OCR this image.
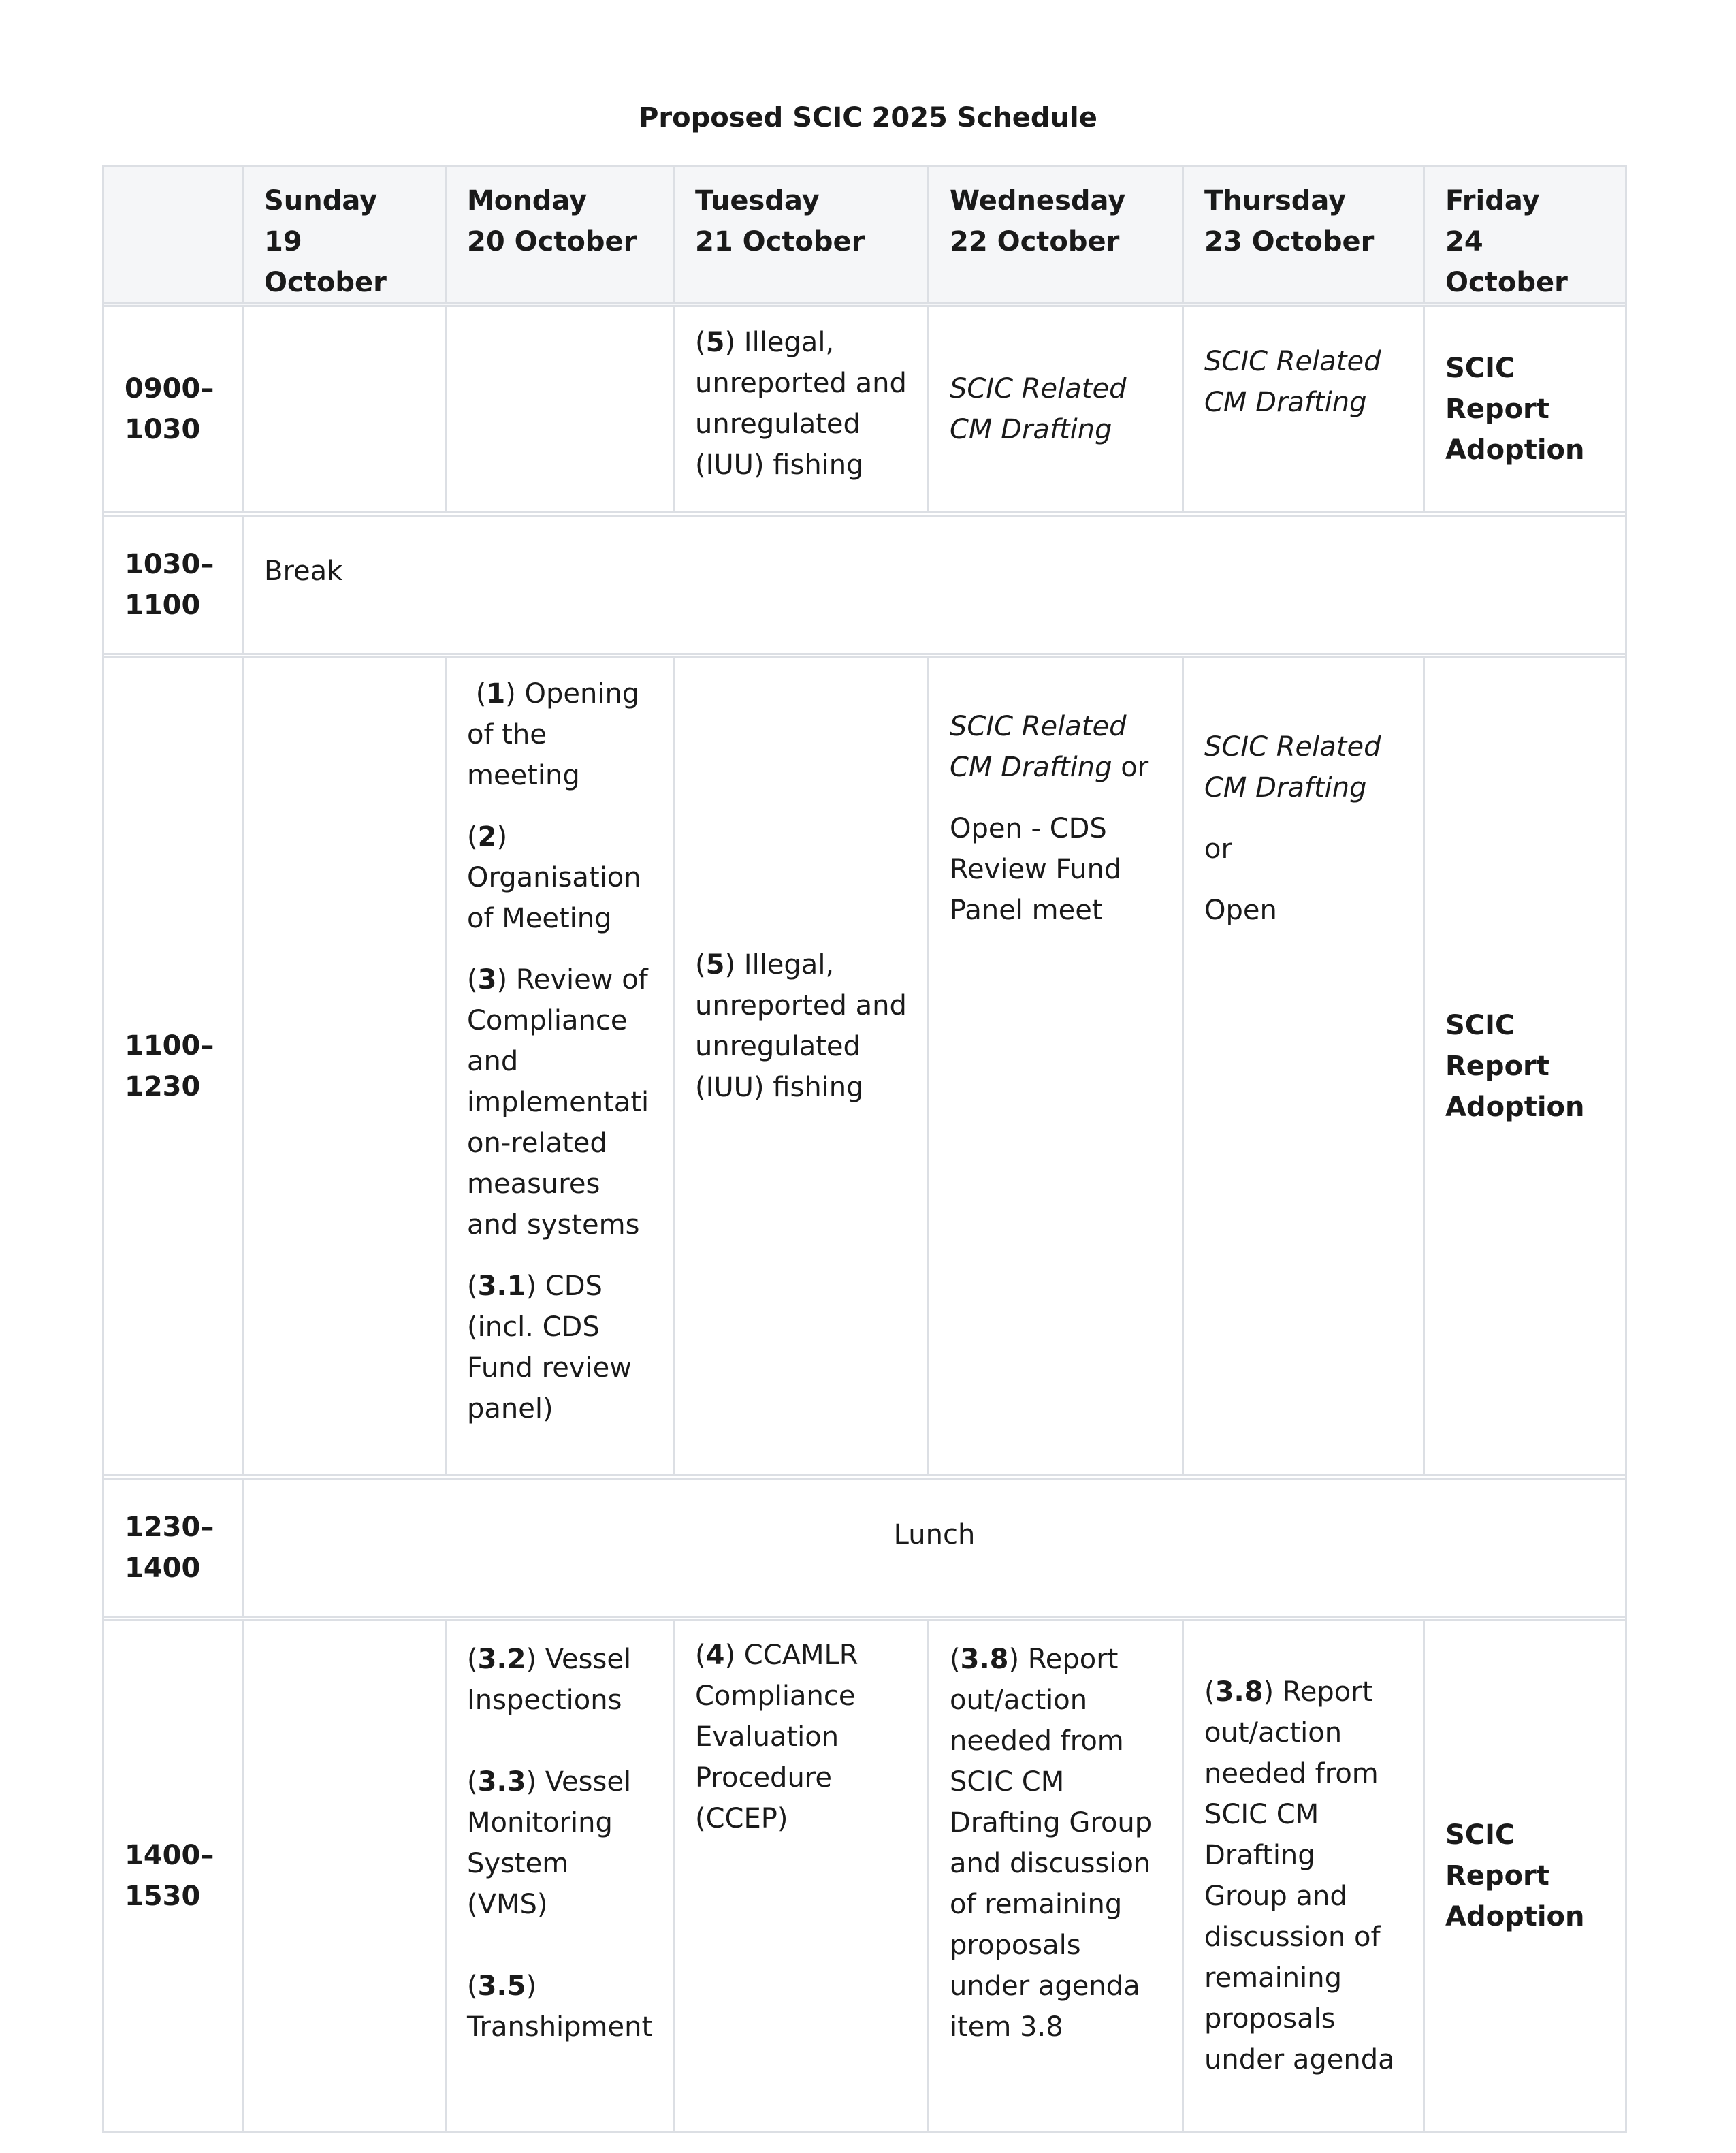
Proposed SCIC 2025 Schedule
Sunday
19 October
Monday
20 October
Tuesday
21 October
Wednesday
22 October
Thursday
23 October
Friday
24 October
0900–
1030
(5) Illegal, unreported and unregulated (IUU) fishing
SCIC Related CM Drafting
SCIC Related CM Drafting
SCIC Report Adoption
1030–
1100
Break
1100–
1230
(1) Opening of the meeting
(2) Organisation of Meeting
(3) Review of Compliance and implementati on-related measures and systems
(3.1) CDS (incl. CDS Fund review panel)
(5) Illegal, unreported and unregulated (IUU) fishing
SCIC Related CM Drafting or
Open - CDS Review Fund Panel meet
SCIC Related CM Drafting
or
Open
SCIC Report Adoption
1230–
1400
Lunch
1400–
1530
(3.2) Vessel Inspections
(3.3) Vessel Monitoring System (VMS)
(3.5) Transhipment
(4) CCAMLR Compliance Evaluation Procedure (CCEP)
(3.8) Report out/action needed from SCIC CM Drafting Group and discussion of remaining proposals under agenda item 3.8
(3.8) Report out/action needed from SCIC CM Drafting Group and discussion of remaining proposals under agenda
SCIC Report Adoption
